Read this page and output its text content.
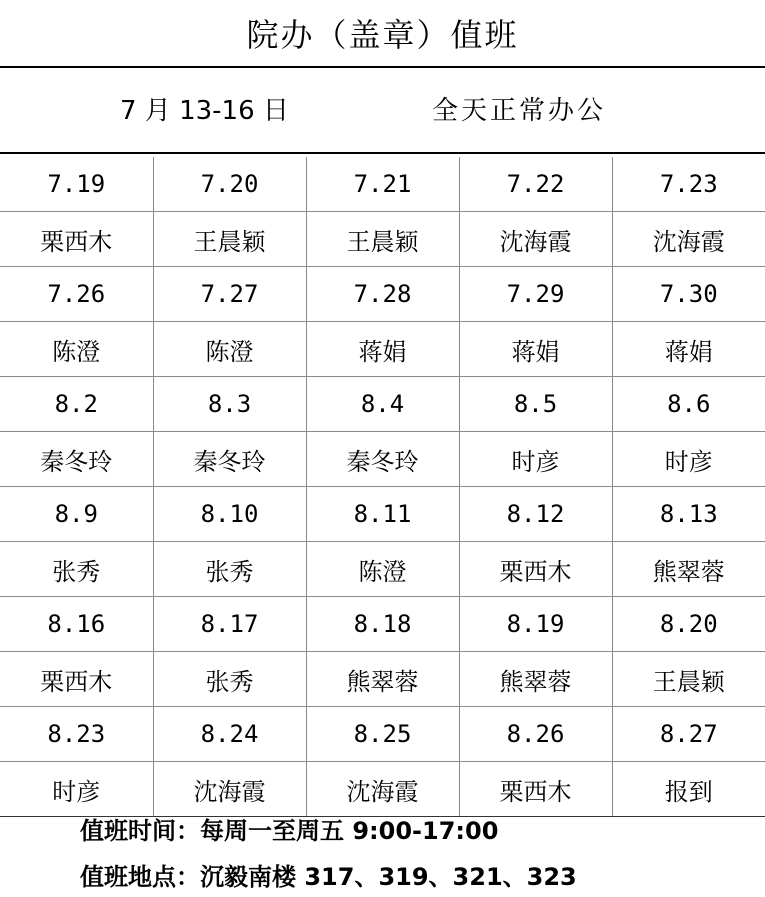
院办（盖章）值班
7 月 13-16 日	全天正常办公
7.19	7.20	7.21	7.22	7.23
栗西木	王晨颖	王晨颖	沈海霞	沈海霞
7.26	7.27	7.28	7.29	7.30
陈澄	陈澄	蒋娟	蒋娟	蒋娟
8.2	8.3	8.4	8.5	8.6
秦冬玲	秦冬玲	秦冬玲	时彦	时彦
8.9	8.10	8.11	8.12	8.13
张秀	张秀	陈澄	栗西木	熊翠蓉
8.16	8.17	8.18	8.19	8.20
栗西木	张秀	熊翠蓉	熊翠蓉	王晨颖
8.23	8.24	8.25	8.26	8.27
时彦	沈海霞	沈海霞	栗西木	报到
值班时间：每周一至周五 9:00-17:00
值班地点：沉毅南楼 317、319、321、323
